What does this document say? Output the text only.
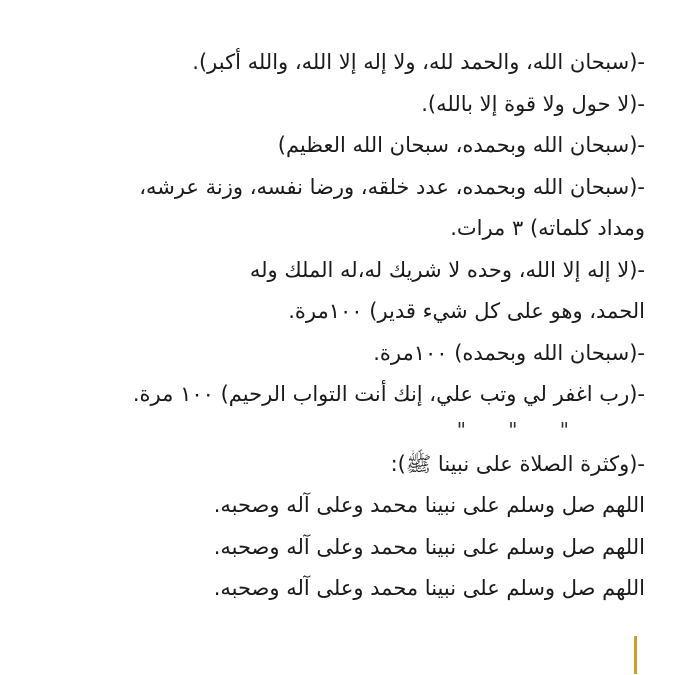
-(سبحان الله، والحمد لله، ولا إله إلا الله، والله أكبر).
-(لا حول ولا قوة إلا بالله).
-(سبحان الله وبحمده، سبحان الله العظيم)
-(سبحان الله وبحمده، عدد خلقه، ورضا نفسه، وزنة عرشه،
ومداد كلماته) ٣ مرات.
-(لا إله إلا الله، وحده لا شريك له،له الملك وله
الحمد، وهو على كل شيء قدير) ١٠٠مرة.
-(سبحان الله وبحمده) ١٠٠مرة.
-(رب اغفر لي وتب علي، إنك أنت التواب الرحيم) ١٠٠ مرة.
" " "
-(وكثرة الصلاة على نبينا ﷺ):
اللهم صل وسلم على نبينا محمد وعلى آله وصحبه.
اللهم صل وسلم على نبينا محمد وعلى آله وصحبه.
اللهم صل وسلم على نبينا محمد وعلى آله وصحبه.
